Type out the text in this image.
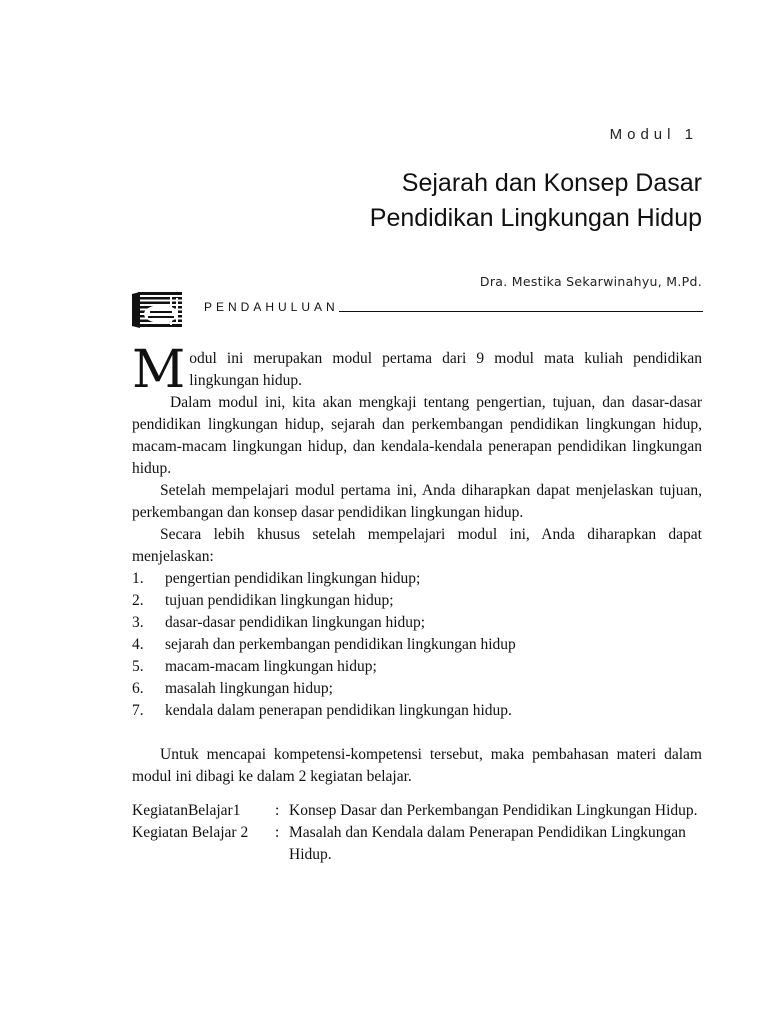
Modul 1
Sejarah dan Konsep Dasar
Pendidikan Lingkungan Hidup
Dra. Mestika Sekarwinahyu, M.Pd.
PENDAHULUAN
M odul ini merupakan modul pertama dari 9 modul mata kuliah pendidikan lingkungan hidup.

Dalam modul ini, kita akan mengkaji tentang pengertian, tujuan, dan dasar-dasar pendidikan lingkungan hidup, sejarah dan perkembangan pendidikan lingkungan hidup, macam-macam lingkungan hidup, dan kendala-kendala penerapan pendidikan lingkungan hidup.

Setelah mempelajari modul pertama ini, Anda diharapkan dapat menjelaskan tujuan, perkembangan dan konsep dasar pendidikan lingkungan hidup.

Secara lebih khusus setelah mempelajari modul ini, Anda diharapkan dapat menjelaskan:

1.	pengertian pendidikan lingkungan hidup;
2.	tujuan pendidikan lingkungan hidup;
3.	dasar-dasar pendidikan lingkungan hidup;
4.	sejarah dan perkembangan pendidikan lingkungan hidup
5.	macam-macam lingkungan hidup;
6.	masalah lingkungan hidup;
7.	kendala dalam penerapan pendidikan lingkungan hidup.

Untuk mencapai kompetensi-kompetensi tersebut, maka pembahasan materi dalam modul ini dibagi ke dalam 2 kegiatan belajar.

KegiatanBelajar1	: Konsep Dasar dan Perkembangan Pendidikan Lingkungan Hidup.
Kegiatan Belajar 2	: Masalah dan Kendala dalam Penerapan Pendidikan Lingkungan Hidup.
